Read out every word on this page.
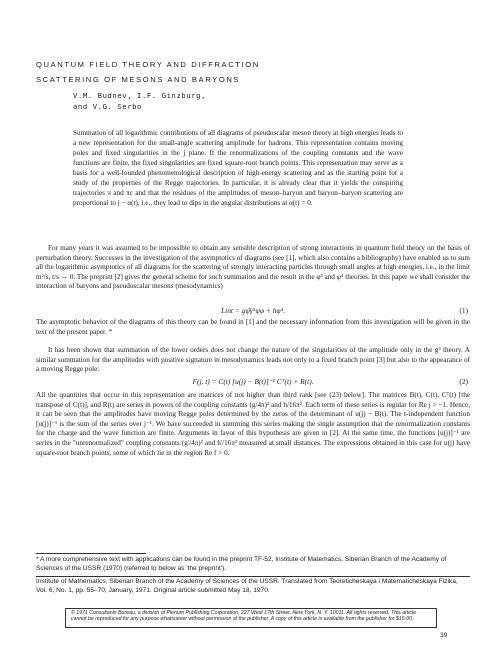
QUANTUM FIELD THEORY AND DIFFRACTION
SCATTERING OF MESONS AND BARYONS
V.M. Budnev, I.F. Ginzburg,
and V.G. Serbo
Summation of all logarithmic contributions of all diagrams of pseudoscalar meson theory at high energies leads to a new representation for the small-angle scattering amplitude for hadrons. This representation contains moving poles and fixed singularities in the j plane. If the renormalizations of the coupling constants and the wave functions are finite, the fixed singularities are fixed square-root branch points. This representation may serve as a basis for a well-founded phenomenological description of high-energy scattering and as the starting point for a study of the properties of the Regge trajectories. In particular, it is already clear that it yields the conspiring trajectories π and πc and that the residues of the amplitudes of meson–baryon and baryon–baryon scattering are proportional to j − α(t), i.e., they lead to dips in the angular distributions at α(t) = 0.

For many years it was assumed to be impossible to obtain any sensible description of strong interactions in quantum field theory on the basis of perturbation theory. Successes in the investigation of the asymptotics of diagrams (see [1], which also contains a bibliography) have enabled us to sum all the logarithmic asymptotics of all diagrams for the scattering of strongly interacting particles through small angles at high energies, i.e., in the limit m²/s, t/s → 0. The preprint [2] gives the general scheme for such summation and the result in the φ³ and φ⁴ theories. In this paper we shall consider the interaction of baryons and pseudoscalar mesons (mesodynamics)

Lint = gψ̄γ⁵ψφ + hφ⁴.	(1)

The asymptotic behavior of the diagrams of this theory can be found in [1] and the necessary information from this investigation will be given in the text of the present paper. *

It has been shown that summation of the lower orders does not change the nature of the singularities of the amplitude only in the g³ theory. A similar summation for the amplitudes with positive signature in mesodynamics leads not only to a fixed branch point [3] but also to the appearance of a moving Regge pole:

F(j, t) = C(t) [u(j) − B(t)]⁻¹ Cᵀ(t) + R(t).	(2)

All the quantities that occur in this representation are matrices of not higher than third rank [see (23) below]. The matrices B(t), C(t), Cᵀ(t) [the transpose of C(t)], and R(t) are series in powers of the coupling constants (g/4π)² and h/16π². Each term of these series is regular for Re j > −1. Hence, it can be seen that the amplitudes have moving Regge poles determined by the zeros of the determinant of u(j) − B(t). The t-independent function [u(j)]⁻¹ is the sum of the series over j⁻¹. We have succeeded in summing this series making the single assumption that the renormalization constants for the charge and the wave function are finite. Arguments in favor of this hypothesis are given in [2]. At the same time, the functions [u(j)]⁻¹ are series in the "unrenormalized" coupling constants (g'/4π)² and h'/16π² measured at small distances. The expressions obtained in this case for u(j) have square-root branch points, some of which lie in the region Re f > 0.

* A more comprehensive text with applications can be found in the preprint TF-52, Institute of Matematics, Siberian Branch of the Academy of Sciences of the USSR (1970) (referred to below as 'the preprint').
Institute of Mathematics, Siberian Branch of the Academy of Sciences of the USSR. Translated from Teoreticheskaya i Matematicheskaya Fizika, Vol. 6, No. 1, pp. 55–70, January, 1971. Original article submitted May 18, 1970.
© 1971 Consultants Bureau, a division of Plenum Publishing Corporation, 227 West 17th Street, New York, N. Y. 10011. All rights reserved. This article cannot be reproduced for any purpose whatsoever without permission of the publisher. A copy of this article is available from the publisher for $15.00.
39
